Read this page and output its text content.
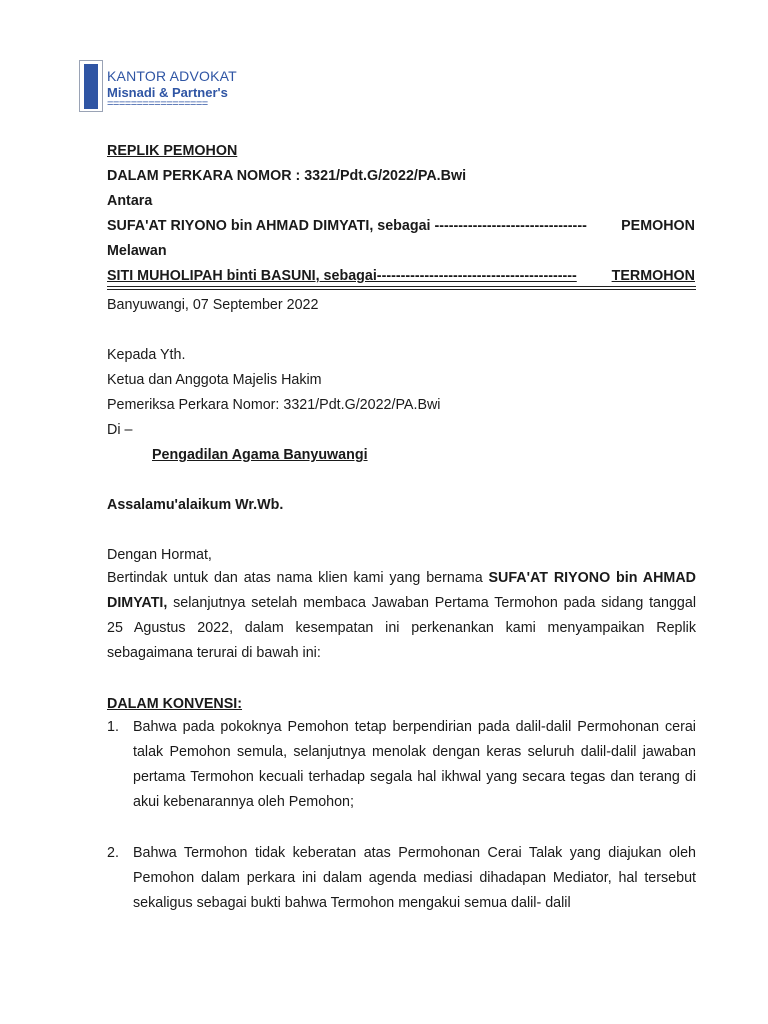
KANTOR ADVOKAT
Misnadi & Partner's
=================
REPLIK PEMOHON
DALAM PERKARA NOMOR : 3321/Pdt.G/2022/PA.Bwi
Antara
SUFA'AT RIYONO bin AHMAD DIMYATI, sebagai -------------------------------- PEMOHON
Melawan
SITI MUHOLIPAH binti BASUNI, sebagai------------------------------------------ TERMOHON
Banyuwangi, 07 September 2022
Kepada Yth.
Ketua dan Anggota Majelis Hakim
Pemeriksa Perkara Nomor: 3321/Pdt.G/2022/PA.Bwi
Di –
Pengadilan Agama Banyuwangi
Assalamu'alaikum Wr.Wb.
Dengan Hormat,
Bertindak untuk dan atas nama klien kami yang bernama SUFA'AT RIYONO bin AHMAD DIMYATI, selanjutnya setelah membaca Jawaban Pertama Termohon pada sidang tanggal 25 Agustus 2022, dalam kesempatan ini perkenankan kami menyampaikan Replik sebagaimana terurai di bawah ini:
DALAM KONVENSI:
1. Bahwa pada pokoknya Pemohon tetap berpendirian pada dalil-dalil Permohonan cerai talak Pemohon semula, selanjutnya menolak dengan keras seluruh dalil-dalil jawaban pertama Termohon kecuali terhadap segala hal ikhwal yang secara tegas dan terang di akui kebenarannya oleh Pemohon;
2. Bahwa Termohon tidak keberatan atas Permohonan Cerai Talak yang diajukan oleh Pemohon dalam perkara ini dalam agenda mediasi dihadapan Mediator, hal tersebut sekaligus sebagai bukti bahwa Termohon mengakui semua dalil- dalil
